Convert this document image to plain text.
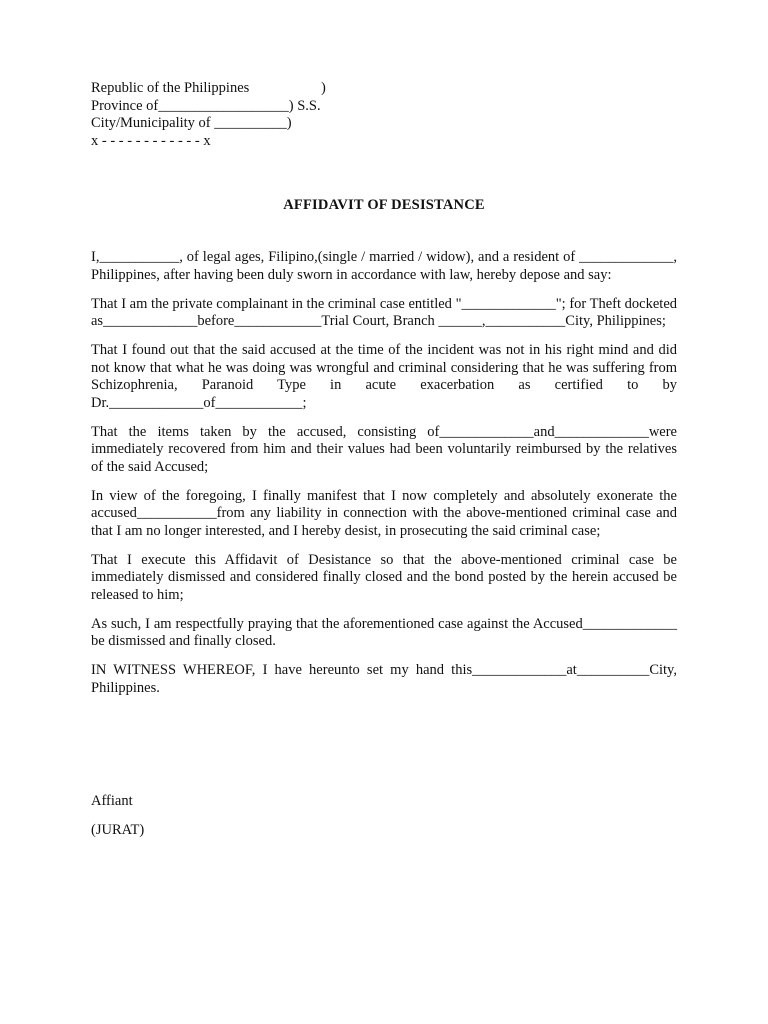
Republic of the Philippines	)
Province of__________________) S.S.
City/Municipality of __________)
x - - - - - - - - - - - - x
AFFIDAVIT OF DESISTANCE

I,___________, of legal ages, Filipino,(single / married / widow), and a resident of _____________, Philippines, after having been duly sworn in accordance with law, hereby depose and say:

That I am the private complainant in the criminal case entitled "_____________"; for Theft docketed as_____________before____________Trial Court, Branch ______,___________City, Philippines;

That I found out that the said accused at the time of the incident was not in his right mind and did not know that what he was doing was wrongful and criminal considering that he was suffering from Schizophrenia, Paranoid Type in acute exacerbation as certified to by Dr._____________of____________;

That the items taken by the accused, consisting of_____________and_____________were immediately recovered from him and their values had been voluntarily reimbursed by the relatives of the said Accused;

In view of the foregoing, I finally manifest that I now completely and absolutely exonerate the accused___________from any liability in connection with the above-mentioned criminal case and that I am no longer interested, and I hereby desist, in prosecuting the said criminal case;

That I execute this Affidavit of Desistance so that the above-mentioned criminal case be immediately dismissed and considered finally closed and the bond posted by the herein accused be released to him;

As such, I am respectfully praying that the aforementioned case against the Accused_____________ be dismissed and finally closed.

IN WITNESS WHEREOF, I have hereunto set my hand this_____________at__________City, Philippines.

Affiant
(JURAT)
